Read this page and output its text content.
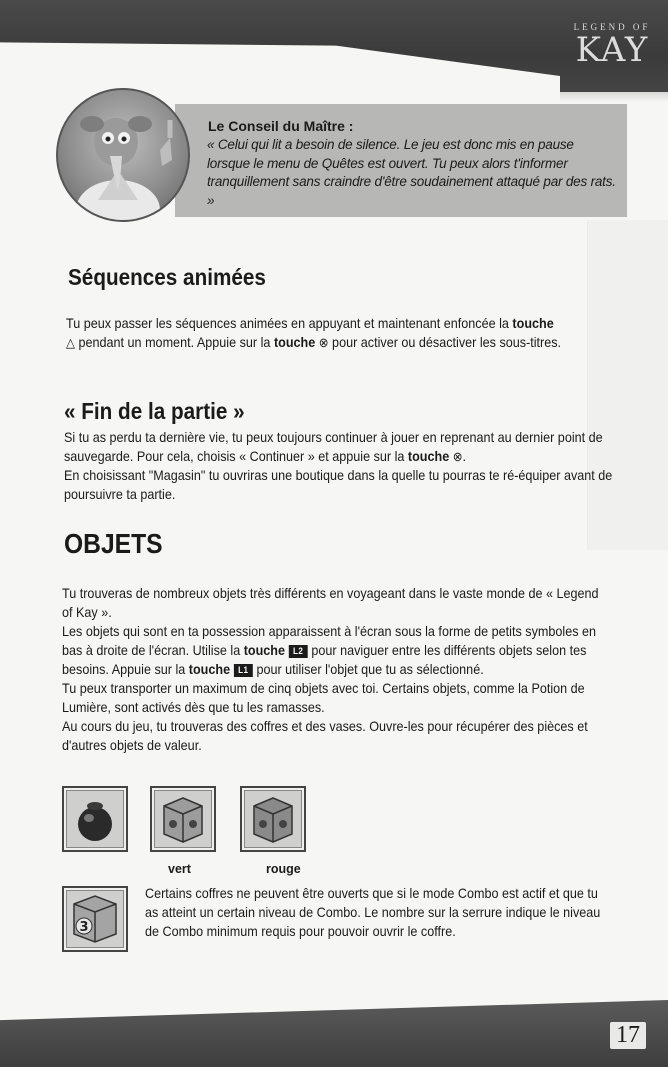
LEGEND OF
KAY
Le Conseil du Maître :
« Celui qui lit a besoin de silence. Le jeu est donc mis en pause lorsque le menu de Quêtes est ouvert. Tu peux alors t'informer tranquillement sans craindre d'être soudainement attaqué par des rats. »
Séquences animées

Tu peux passer les séquences animées en appuyant et maintenant enfoncée la touche
△ pendant un moment. Appuie sur la touche ⊗ pour activer ou désactiver les sous-titres.

« Fin de la partie »

Si tu as perdu ta dernière vie, tu peux toujours continuer à jouer en reprenant au dernier point de sauvegarde. Pour cela, choisis « Continuer » et appuie sur la touche ⊗.
En choisissant "Magasin" tu ouvriras une boutique dans la quelle tu pourras te ré-équiper avant de poursuivre ta partie.

OBJETS

Tu trouveras de nombreux objets très différents en voyageant dans le vaste monde de « Legend of Kay ».
Les objets qui sont en ta possession apparaissent à l'écran sous la forme de petits symboles en bas à droite de l'écran. Utilise la touche L2 pour naviguer entre les différents objets selon tes besoins. Appuie sur la touche L1 pour utiliser l'objet que tu as sélectionné.
Tu peux transporter un maximum de cinq objets avec toi. Certains objets, comme la Potion de Lumière, sont activés dès que tu les ramasses.
Au cours du jeu, tu trouveras des coffres et des vases. Ouvre-les pour récupérer des pièces et d'autres objets de valeur.

vert	rouge
3

Certains coffres ne peuvent être ouverts que si le mode Combo est actif et que tu as atteint un certain niveau de Combo. Le nombre sur la serrure indique le niveau de Combo minimum requis pour pouvoir ouvrir le coffre.

17
